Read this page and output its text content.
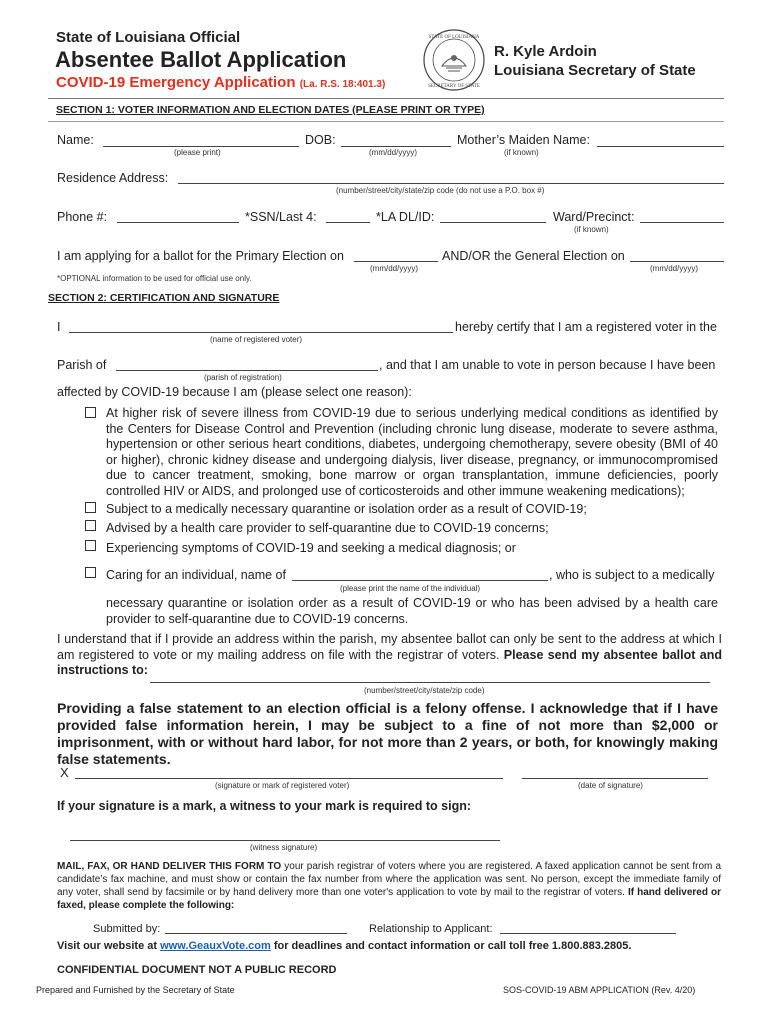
State of Louisiana Official
Absentee Ballot Application
COVID-19 Emergency Application (La. R.S. 18:401.3)
STATE OF LOUISIANA
SECRETARY OF STATE
R. Kyle Ardoin
Louisiana Secretary of State
SECTION 1: VOTER INFORMATION AND ELECTION DATES (PLEASE PRINT OR TYPE)
Name:
(please print)
DOB:
(mm/dd/yyyy)
Mother’s Maiden Name:
(if known)
Residence Address:
(number/street/city/state/zip code (do not use a P.O. box #)
Phone #:	*SSN/Last 4:	*LA DL/ID:	Ward/Precinct:
(if known)
I am applying for a ballot for the Primary Election on
(mm/dd/yyyy)
AND/OR the General Election on
(mm/dd/yyyy)
*OPTIONAL information to be used for official use only.
SECTION 2: CERTIFICATION AND SIGNATURE
I
(name of registered voter)
hereby certify that I am a registered voter in the
Parish of
(parish of registration)
, and that I am unable to vote in person because I have been
affected by COVID-19 because I am (please select one reason):
At higher risk of severe illness from COVID-19 due to serious underlying medical conditions as identified by the Centers for Disease Control and Prevention (including chronic lung disease, moderate to severe asthma, hypertension or other serious heart conditions, diabetes, undergoing chemotherapy, severe obesity (BMI of 40 or higher), chronic kidney disease and undergoing dialysis, liver disease, pregnancy, or immunocompromised due to cancer treatment, smoking, bone marrow or organ transplantation, immune deficiencies, poorly controlled HIV or AIDS, and prolonged use of corticosteroids and other immune weakening medications);
Subject to a medically necessary quarantine or isolation order as a result of COVID-19;
Advised by a health care provider to self-quarantine due to COVID-19 concerns;
Experiencing symptoms of COVID-19 and seeking a medical diagnosis; or
Caring for an individual, name of
(please print the name of the individual)
, who is subject to a medically
necessary quarantine or isolation order as a result of COVID-19 or who has been advised by a health care provider to self-quarantine due to COVID-19 concerns.
I understand that if I provide an address within the parish, my absentee ballot can only be sent to the address at which I am registered to vote or my mailing address on file with the registrar of voters. Please send my absentee ballot and instructions to:
(number/street/city/state/zip code)
Providing a false statement to an election official is a felony offense. I acknowledge that if I have provided false information herein, I may be subject to a fine of not more than $2,000 or imprisonment, with or without hard labor, for not more than 2 years, or both, for knowingly making false statements.
X
(signature or mark of registered voter)	(date of signature)
If your signature is a mark, a witness to your mark is required to sign:
(witness signature)
MAIL, FAX, OR HAND DELIVER THIS FORM TO your parish registrar of voters where you are registered. A faxed application cannot be sent from a candidate’s fax machine, and must show or contain the fax number from where the application was sent. No person, except the immediate family of any voter, shall send by facsimile or by hand delivery more than one voter's application to vote by mail to the registrar of voters. If hand delivered or faxed, please complete the following:
Submitted by:	Relationship to Applicant:
Visit our website at www.GeauxVote.com for deadlines and contact information or call toll free 1.800.883.2805.
CONFIDENTIAL DOCUMENT NOT A PUBLIC RECORD
Prepared and Furnished by the Secretary of State	SOS-COVID-19 ABM APPLICATION (Rev. 4/20)
